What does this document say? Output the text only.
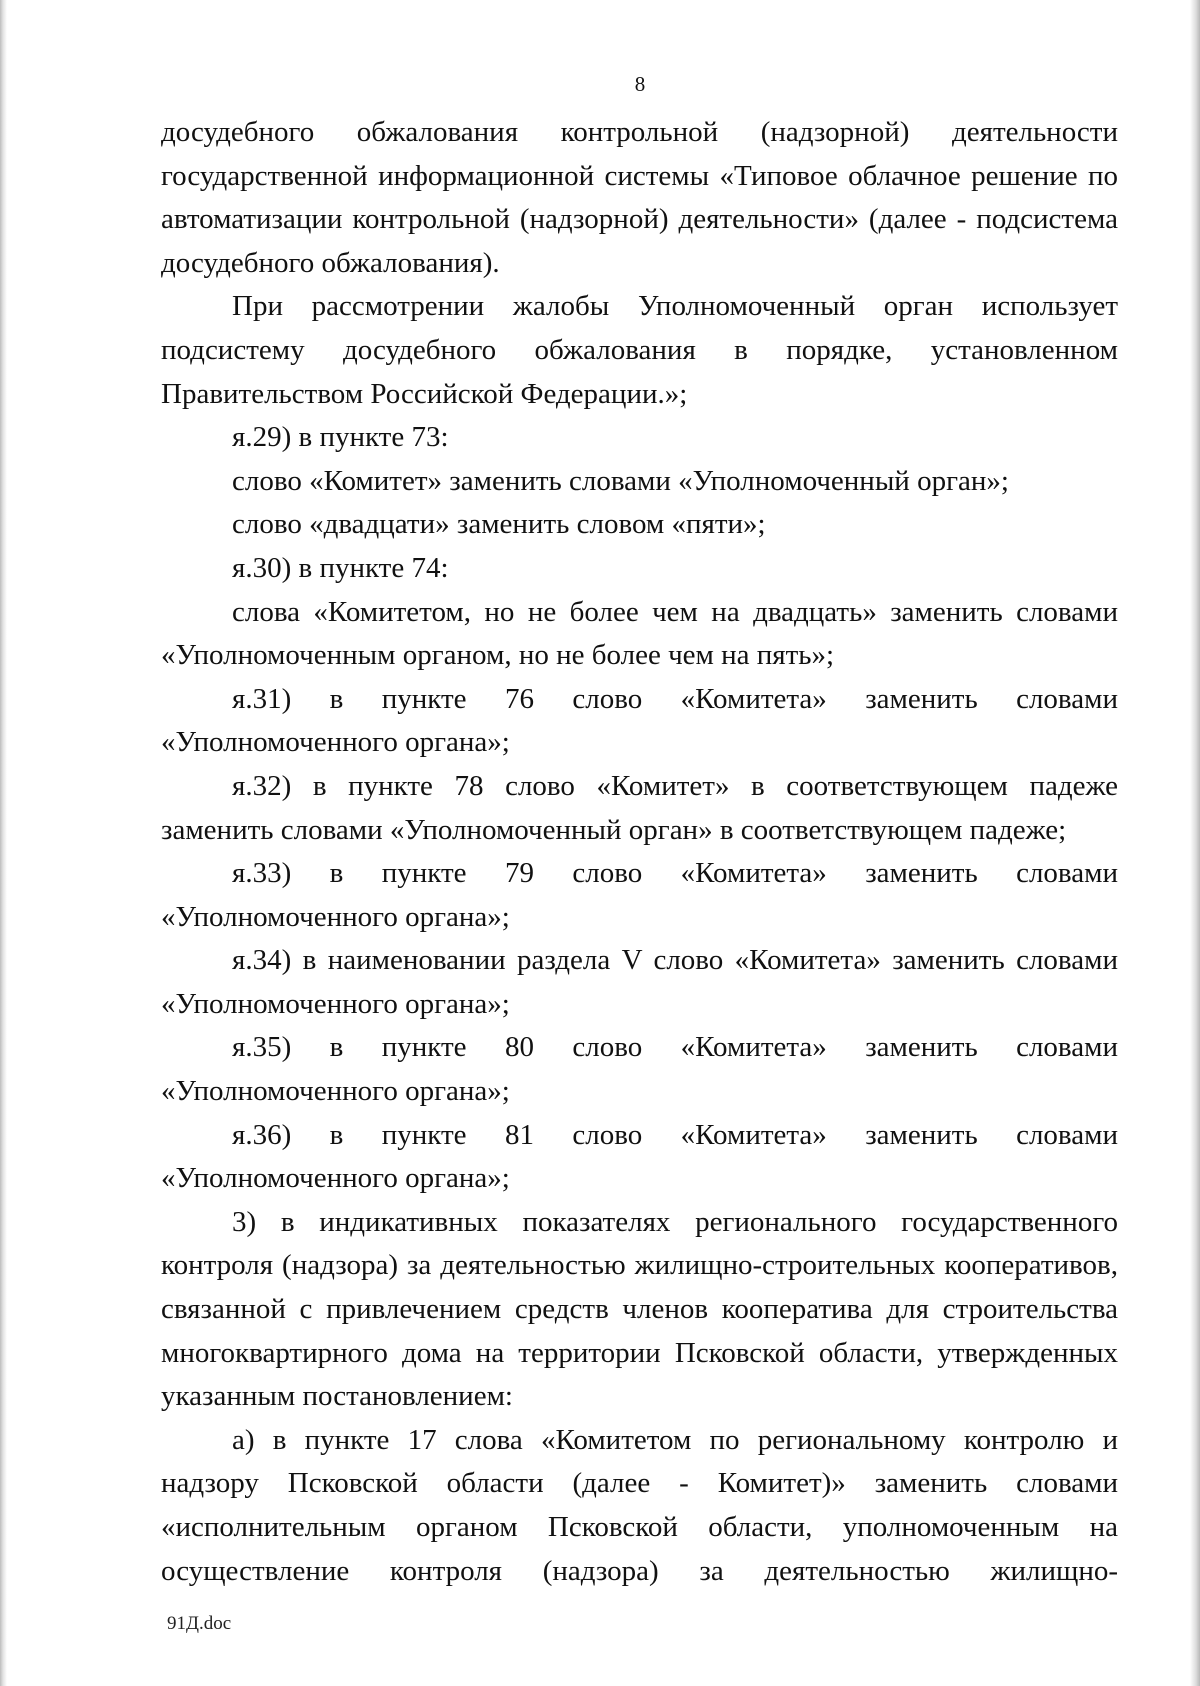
8

досудебного обжалования контрольной (надзорной) деятельности государственной информационной системы «Типовое облачное решение по автоматизации контрольной (надзорной) деятельности» (далее - подсистема досудебного обжалования).

При рассмотрении жалобы Уполномоченный орган использует подсистему досудебного обжалования в порядке, установленном Правительством Российской Федерации.»;

я.29) в пункте 73:

слово «Комитет» заменить словами «Уполномоченный орган»;

слово «двадцати» заменить словом «пяти»;

я.30) в пункте 74:

слова «Комитетом, но не более чем на двадцать» заменить словами «Уполномоченным органом, но не более чем на пять»;

я.31) в пункте 76 слово «Комитета» заменить словами «Уполномоченного органа»;

я.32) в пункте 78 слово «Комитет» в соответствующем падеже заменить словами «Уполномоченный орган» в соответствующем падеже;

я.33) в пункте 79 слово «Комитета» заменить словами «Уполномоченного органа»;

я.34) в наименовании раздела V слово «Комитета» заменить словами «Уполномоченного органа»;

я.35) в пункте 80 слово «Комитета» заменить словами «Уполномоченного органа»;

я.36) в пункте 81 слово «Комитета» заменить словами «Уполномоченного органа»;

3) в индикативных показателях регионального государственного контроля (надзора) за деятельностью жилищно-строительных кооперативов, связанной с привлечением средств членов кооператива для строительства многоквартирного дома на территории Псковской области, утвержденных указанным постановлением:

а) в пункте 17 слова «Комитетом по региональному контролю и надзору Псковской области (далее - Комитет)» заменить словами «исполнительным органом Псковской области, уполномоченным на осуществление контроля (надзора) за деятельностью жилищно-

91Д.doc
